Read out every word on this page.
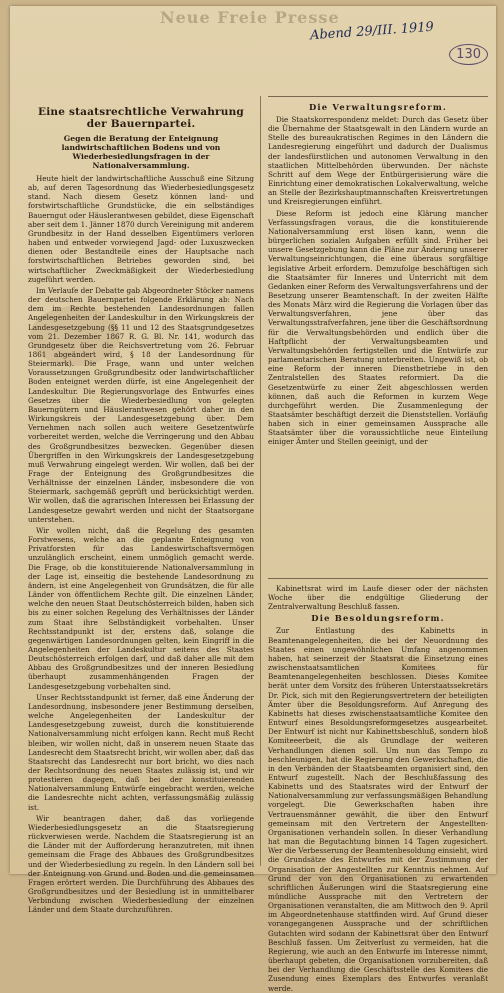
Neue Freie Presse
Abend 29/III. 1919
130
Eine staatsrechtliche Verwahrung der Bauernpartei.
Gegen die Beratung der Enteignung landwirtschaftlichen Bodens und von Wiederbesiedlungsfragen in der Nationalversammlung.

Heute hielt der landwirtschaftliche Ausschuß eine Sitzung ab, auf deren Tagesordnung das Wiederbesiedlungsgesetz stand. Nach diesem Gesetz können land- und forstwirtschaftliche Grundstücke, die ein selbständiges Bauerngut oder Häuslerantwesen gebildet, diese Eigenschaft aber seit dem 1. Jänner 1870 durch Vereinigung mit anderem Grundbesitz in der Hand desselben Eigentümers verloren haben und entweder vorwiegend Jagd- oder Luxuszwecken dienen oder Bestandteile eines der Hauptsache nach forstwirtschaftlichen Betriebes geworden sind, bei wirtschaftlicher Zweckmäßigkeit der Wiederbesiedlung zugeführt werden.

Im Verlaufe der Debatte gab Abgeordneter Stöcker namens der deutschen Bauernpartei folgende Erklärung ab: Nach dem im Rechte bestehenden Landesordnungen fallen Angelegenheiten der Landeskultur in den Wirkungskreis der Landesgesetzgebung (§§ 11 und 12 des Staatsgrundgesetzes vom 21. Dezember 1867 R. G. Bl. Nr. 141, wodurch das Grundgesetz über die Reichsvertretung vom 26. Februar 1861 abgeändert wird, § 18 der Landesordnung für Steiermark). Die Frage, wann und unter welchen Voraussetzungen Großgrundbesitz oder landwirtschaftlicher Boden enteignet werden dürfe, ist eine Angelegenheit der Landeskultur. Die Regierungsvorlage des Entwurfes eines Gesetzes über die Wiederbesiedlung von gelegten Bauerngütern und Häuslerantwesen gehört daher in den Wirkungskreis der Landesgesetzgebung über. Dem Vernehmen nach sollen auch weitere Gesetzentwürfe vorbereitet werden, welche die Verringerung und den Abbau des Großgrundbesitzes bezwecken. Gegenüber diesen Übergriffen in den Wirkungskreis der Landesgesetzgebung muß Verwahrung eingelegt werden. Wir wollen, daß bei der Frage der Enteignung des Großgrundbesitzes die Verhältnisse der einzelnen Länder, insbesondere die von Steiermark, sachgemäß geprüft und berücksichtigt werden. Wir wollen, daß die agrarischen Interessen bei Erlassung der Landesgesetze gewahrt werden und nicht der Staatsorgane unterstehen.

Wir wollen nicht, daß die Regelung des gesamten Forstwesens, welche an die geplante Enteignung von Privatforsten für das Landeswirtschaftsvermögen unzulänglich erscheint, einem unmöglich gemacht werde. Die Frage, ob die konstituierende Nationalversammlung in der Lage ist, einseitig die bestehende Landesordnung zu ändern, ist eine Angelegenheit von Grundsätzen, die für alle Länder von öffentlichem Rechte gilt. Die einzelnen Länder, welche den neuen Staat Deutschösterreich bilden, haben sich bis zu einer solchen Regelung des Verhältnisses der Länder zum Staat ihre Selbständigkeit vorbehalten. Unser Rechtsstandpunkt ist der, erstens daß, solange die gegenwärtigen Landesordnungen gelten, kein Eingriff in die Angelegenheiten der Landeskultur seitens des Staates Deutschösterreich erfolgen darf, und daß daher alle mit dem Abbau des Großgrundbesitzes und der inneren Besiedlung überhaupt zusammenhängenden Fragen der Landesgesetzgebung vorbehalten sind.

Unser Rechtsstandpunkt ist ferner, daß eine Änderung der Landesordnung, insbesondere jener Bestimmung derselben, welche Angelegenheiten der Landeskultur der Landesgesetzgebung zuweist, durch die konstituierende Nationalversammlung nicht erfolgen kann. Recht muß Recht bleiben, wir wollen nicht, daß in unserem neuen Staate das Landesrecht dem Staatsrecht bricht, wir wollen aber, daß das Staatsrecht das Landesrecht nur bort bricht, wo dies nach der Rechtsordnung des neuen Staates zulässig ist, und wir protestieren dagegen, daß bei der konstituierenden Nationalversammlung Entwürfe eingebracht werden, welche die Landesrechte nicht achten, verfassungsmäßig zulässig ist.

Wir beantragen daher, daß das vorliegende Wiederbesiedlungsgesetz an die Staatsregierung rückverwiesen werde. Nachdem die Staatsregierung ist an die Länder mit der Aufforderung heranzutreten, mit ihnen gemeinsam die Frage des Abbaues des Großgrundbesitzes und der Wiederbesiedlung zu regeln. In den Ländern soll bei der Enteignung von Grund und Boden und die gemeinsamen Fragen erörtert werden. Die Durchführung des Abbaues des Großgrundbesitzes und der Besiedlung ist in unmittelbarer Verbindung zwischen Wiederbesiedlung der einzelnen Länder und dem Staate durchzuführen.

Die Verwaltungsreform.

Die Staatskorrespondenz meldet: Durch das Gesetz über die Übernahme der Staatsgewalt in den Ländern wurde an Stelle des bureaukratischen Regimes in den Ländern die Landesregierung eingeführt und dadurch der Dualismus der landesfürstlichen und autonomen Verwaltung in den staatlichen Mittelbehörden überwunden. Der nächste Schritt auf dem Wege der Entbürgerisierung wäre die Einrichtung einer demokratischen Lokalverwaltung, welche an Stelle der Bezirkshauptmannschaften Kreisvertretungen und Kreisregierungen einführt.

Diese Reform ist jedoch eine Klärung mancher Verfassungsfragen voraus, die die konstituierende Nationalversammlung erst lösen kann, wenn die bürgerlichen sozialen Aufgaben erfüllt sind. Früher bei unsere Gesetzgebung kann die Pläne zur Änderung unserer Verwaltungseinrichtungen, die eine überaus sorgfältige legislative Arbeit erfordern. Demzufolge beschäftigen sich die Staatsämter für Inneres und Unterricht mit dem Gedanken einer Reform des Verwaltungsverfahrens und der Besetzung unserer Beamtenschaft. In der zweiten Hälfte des Monats März wird die Regierung die Vorlagen über das Verwaltungsverfahren, jene über das Verwaltungsstrafverfahren, jene über die Geschäftsordnung für die Verwaltungsbehörden und endlich über die Haftpflicht der Verwaltungsbeamten und Verwaltungsbehörden fertigstellen und die Entwürfe zur parlamentarischen Beratung unterbreiten. Ungewiß ist, ob eine Reform der inneren Dienstbetriebe in den Zentralstellen des Staates reformiert. Da die Gesetzentwürfe zu einer Zeit abgeschlossen werden können, daß auch die Reformen in kurzem Wege durchgeführt werden. Die Zusammenlegung der Staatsämter beschäftigt derzeit die Dienststellen. Vorläufig haben sich in einer gemeinsamen Aussprache alle Staatsämter über die voraussichtliche neue Einteilung einiger Ämter und Stellen geeinigt, und der

Kabinettsrat wird im Laufe dieser oder der nächsten Woche über die endgültige Gliederung der Zentralverwaltung Beschluß fassen.

Die Besoldungsreform.

Zur Entlastung des Kabinetts in Beamtenangelegenheiten, die bei der Neuordnung des Staates einen ungewöhnlichen Umfang angenommen haben, hat seinerzeit der Staatsrat die Einsetzung eines zwischenstaatsamtlichen Komitees für Beamtenangelegenheiten beschlossen. Dieses Komitee berät unter dem Vorsitz des früheren Unterstaatssekretärs Dr. Pick, sich mit den Regierungsvertretern der beteiligten Ämter über die Besoldungsreform. Auf Anregung des Kabinetts hat dieses zwischenstaatsamtliche Komitee den Entwurf eines Besoldungsreformgesetzes ausgearbeitet. Der Entwurf ist nicht nur Kabinettsbeschluß, sondern bloß Komiteeerbeit, die als Grundlage der weiteren Verhandlungen dienen soll. Um nun das Tempo zu beschleunigen, hat die Regierung den Gewerkschaften, die in den Verbänden der Staatsbeamten organisiert sind, den Entwurf zugestellt. Nach der Beschlußfassung des Kabinetts und des Staatsrates wird der Entwurf der Nationalversammlung zur verfassungsmäßigen Behandlung vorgelegt. Die Gewerkschaften haben ihre Vertrauensmänner gewählt, die über den Entwurf gemeinsam mit den Vertretern der Angestellten-Organisationen verhandeln sollen. In dieser Verhandlung hat man die Begutachtung binnen 14 Tagen zugesichert. Wer die Verbesserung der Beamtenbesoldung einsieht, wird die Grundsätze des Entwurfes mit der Zustimmung der Organisation der Angestellten zur Kenntnis nehmen. Auf Grund der von den Organisationen zu erwartenden schriftlichen Äußerungen wird die Staatsregierung eine mündliche Aussprache mit den Vertretern der Organisationen veranstalten, die am Mittwoch den 9. April im Abgeordnetenhause stattfinden wird. Auf Grund dieser vorangegangenen Aussprache und der schriftlichen Gutachten wird sodann der Kabinettsrat über den Entwurf Beschluß fassen. Um Zeitverlust zu vermeiden, hat die Regierung, wie auch an den Entwurfe im Interesse nimmt, überhaupt gebeten, die Organisationen vorzubereiten, daß bei der Verhandlung die Geschäftsstelle des Komitees die Zusendung eines Exemplars des Entwurfes veranlaßt werde.
